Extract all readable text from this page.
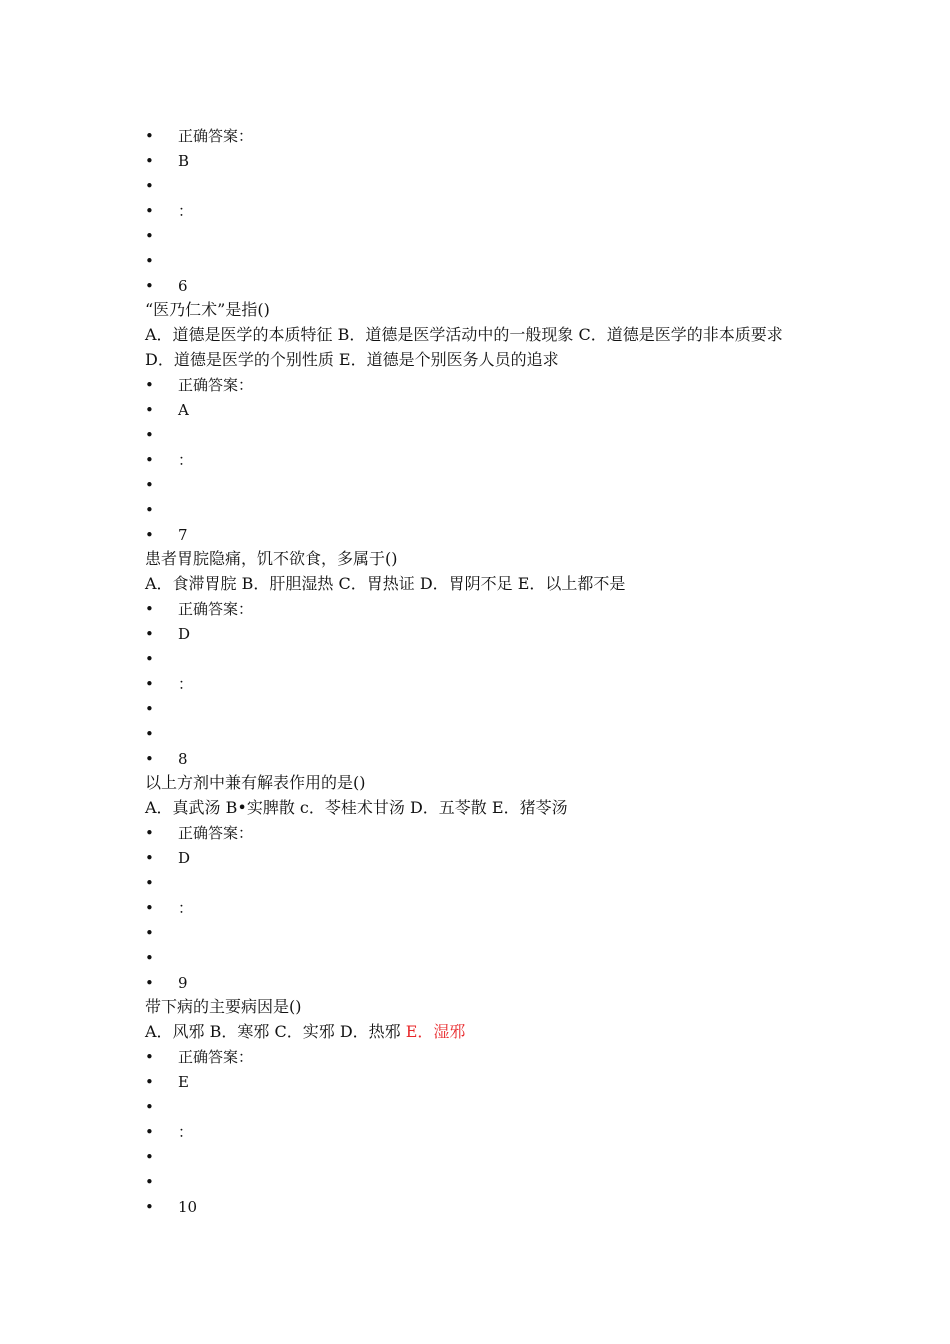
• 正确答案：
• B
•
• ：
•
•
• 6
“医乃仁术”是指()
A．道德是医学的本质特征 B．道德是医学活动中的一般现象 C．道德是医学的非本质要求
D．道德是医学的个别性质 E．道德是个别医务人员的追求
• 正确答案：
• A
•
• ：
•
•
• 7
患者胃脘隐痛，饥不欲食，多属于()
A．食滞胃脘 B．肝胆湿热 C．胃热证 D．胃阴不足 E．以上都不是
• 正确答案：
• D
•
• ：
•
•
• 8
以上方剂中兼有解表作用的是()
A．真武汤 B•实脾散 c．苓桂术甘汤 D．五苓散 E．猪苓汤
• 正确答案：
• D
•
• ：
•
•
• 9
带下病的主要病因是()
A．风邪 B．寒邪 C．实邪 D．热邪 E．湿邪
• 正确答案：
• E
•
• ：
•
•
• 10
